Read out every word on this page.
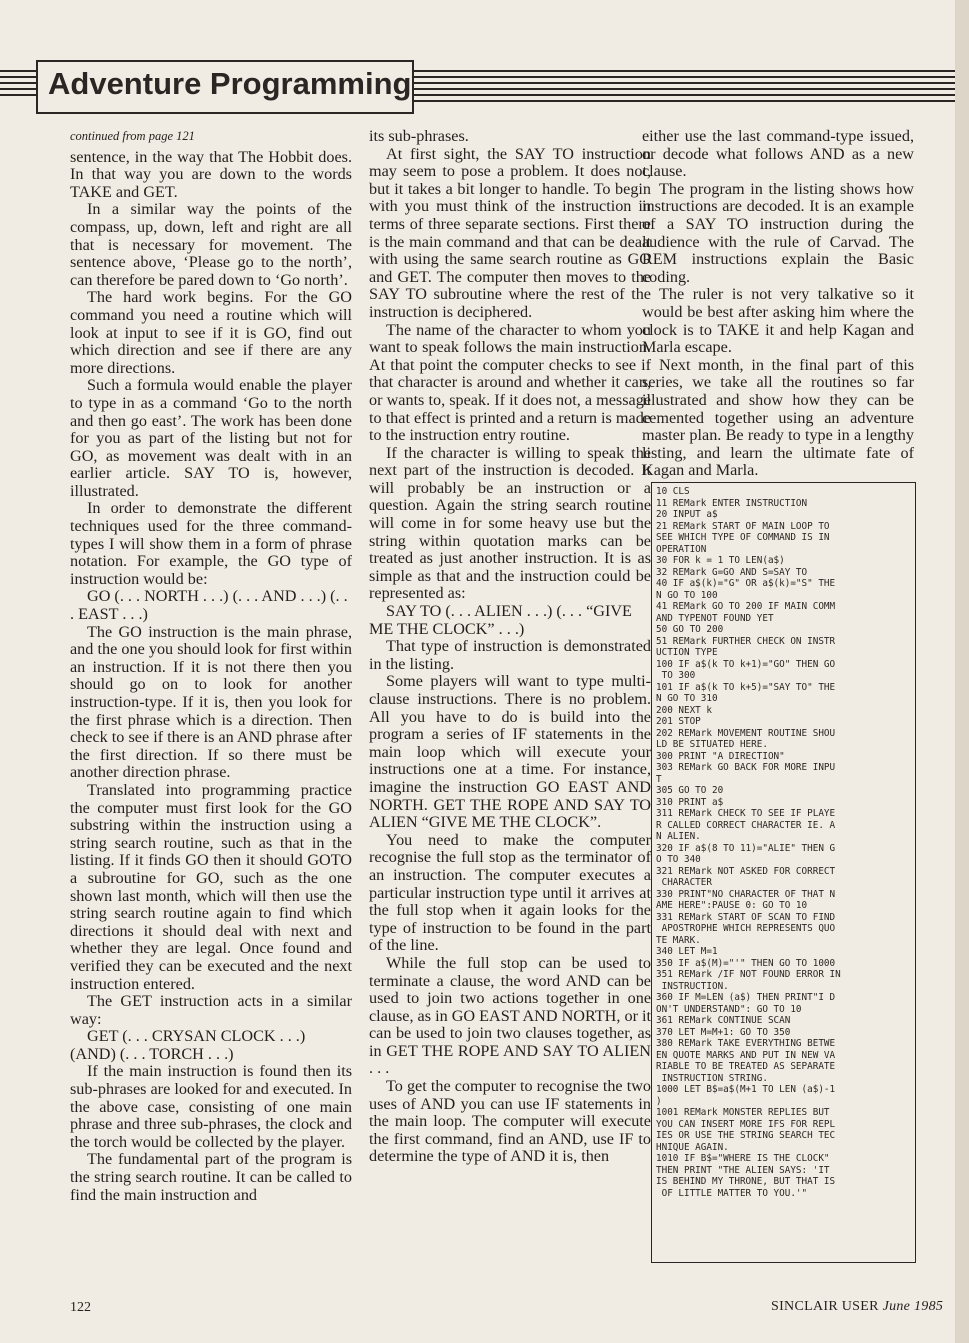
Adventure Programming

continued from page 121

sentence, in the way that The Hobbit does. In that way you are down to the words TAKE and GET.

In a similar way the points of the compass, up, down, left and right are all that is necessary for movement. The sentence above, ‘Please go to the north’, can therefore be pared down to ‘Go north’.

The hard work begins. For the GO command you need a routine which will look at input to see if it is GO, find out which direction and see if there are any more directions.

Such a formula would enable the player to type in as a command ‘Go to the north and then go east’. The work has been done for you as part of the listing but not for GO, as movement was dealt with in an earlier article. SAY TO is, however, illustrated.

In order to demonstrate the different techniques used for the three command-types I will show them in a form of phrase notation. For example, the GO type of instruction would be:

GO (. . . NORTH . . .) (. . . AND . . .) (. . . EAST . . .)

The GO instruction is the main phrase, and the one you should look for first within an instruction. If it is not there then you should go on to look for another instruction-type. If it is, then you look for the first phrase which is a direction. Then check to see if there is an AND phrase after the first direction. If so there must be another direction phrase.

Translated into programming practice the computer must first look for the GO substring within the instruction using a string search routine, such as that in the listing. If it finds GO then it should GOTO a subroutine for GO, such as the one shown last month, which will then use the string search routine again to find which directions it should deal with next and whether they are legal. Once found and verified they can be executed and the next instruction entered.

The GET instruction acts in a similar way:

GET (. . . CRYSAN CLOCK . . .) (AND) (. . . TORCH . . .)

If the main instruction is found then its sub-phrases are looked for and executed. In the above case, consisting of one main phrase and three sub-phrases, the clock and the torch would be collected by the player.

The fundamental part of the program is the string search routine. It can be called to find the main instruction and

its sub-phrases.

At first sight, the SAY TO instruction may seem to pose a problem. It does not, but it takes a bit longer to handle. To begin with you must think of the instruction in terms of three separate sections. First there is the main command and that can be dealt with using the same search routine as GO and GET. The computer then moves to the SAY TO subroutine where the rest of the instruction is deciphered.

The name of the character to whom you want to speak follows the main instruction. At that point the computer checks to see if that character is around and whether it can, or wants to, speak. If it does not, a message to that effect is printed and a return is made to the instruction entry routine.

If the character is willing to speak the next part of the instruction is decoded. It will probably be an instruction or a question. Again the string search routine will come in for some heavy use but the string within quotation marks can be treated as just another instruction. It is as simple as that and the instruction could be represented as:

SAY TO (. . . ALIEN . . .) (. . . “GIVE ME THE CLOCK” . . .)

That type of instruction is demonstrated in the listing.

Some players will want to type multi-clause instructions. There is no problem. All you have to do is build into the program a series of IF statements in the main loop which will execute your instructions one at a time. For instance, imagine the instruction GO EAST AND NORTH. GET THE ROPE AND SAY TO ALIEN “GIVE ME THE CLOCK”.

You need to make the computer recognise the full stop as the terminator of an instruction. The computer executes a particular instruction type until it arrives at the full stop when it again looks for the type of instruction to be found in the part of the line.

While the full stop can be used to terminate a clause, the word AND can be used to join two actions together in one clause, as in GO EAST AND NORTH, or it can be used to join two clauses together, as in GET THE ROPE AND SAY TO ALIEN . . .

To get the computer to recognise the two uses of AND you can use IF statements in the main loop. The computer will execute the first command, find an AND, use IF to determine the type of AND it is, then

either use the last command-type issued, or decode what follows AND as a new clause.

The program in the listing shows how instructions are decoded. It is an example of a SAY TO instruction during the audience with the rule of Carvad. The REM instructions explain the Basic coding.

The ruler is not very talkative so it would be best after asking him where the clock is to TAKE it and help Kagan and Marla escape.

Next month, in the final part of this series, we take all the routines so far illustrated and show how they can be cemented together using an adventure master plan. Be ready to type in a lengthy listing, and learn the ultimate fate of Kagan and Marla.

10 CLS
11 REMark ENTER INSTRUCTION
20 INPUT a$
21 REMark START OF MAIN LOOP TO
SEE WHICH TYPE OF COMMAND IS IN
OPERATION
30 FOR k = 1 TO LEN(a$)
32 REMark G=GO AND S=SAY TO
40 IF a$(k)="G" OR a$(k)="S" THE
N GO TO 100
41 REMark GO TO 200 IF MAIN COMM
AND TYPENOT FOUND YET
50 GO TO 200
51 REMark FURTHER CHECK ON INSTR
UCTION TYPE
100 IF a$(k TO k+1)="GO" THEN GO
TO 300
101 IF a$(k TO k+5)="SAY TO" THE
N GO TO 310
200 NEXT k
201 STOP
202 REMark MOVEMENT ROUTINE SHOU
LD BE SITUATED HERE.
300 PRINT "A DIRECTION"
303 REMark GO BACK FOR MORE INPU
T
305 GO TO 20
310 PRINT a$
311 REMark CHECK TO SEE IF PLAYE
R CALLED CORRECT CHARACTER IE. A
N ALIEN.
320 IF a$(8 TO 11)="ALIE" THEN G
O TO 340
321 REMark NOT ASKED FOR CORRECT
CHARACTER
330 PRINT"NO CHARACTER OF THAT N
AME HERE":PAUSE 0: GO TO 10
331 REMark START OF SCAN TO FIND
APOSTROPHE WHICH REPRESENTS QUO
TE MARK.
340 LET M=1
350 IF a$(M)="'" THEN GO TO 1000
351 REMark /IF NOT FOUND ERROR IN
INSTRUCTION.
360 IF M=LEN (a$) THEN PRINT"I D
ON'T UNDERSTAND": GO TO 10
361 REMark CONTINUE SCAN
370 LET M=M+1: GO TO 350
380 REMark TAKE EVERYTHING BETWE
EN QUOTE MARKS AND PUT IN NEW VA
RIABLE TO BE TREATED AS SEPARATE
INSTRUCTION STRING.
1000 LET B$=a$(M+1 TO LEN (a$)-1
)
1001 REMark MONSTER REPLIES BUT
YOU CAN INSERT MORE IFS FOR REPL
IES OR USE THE STRING SEARCH TEC
HNIQUE AGAIN.
1010 IF B$="WHERE IS THE CLOCK"
THEN PRINT "THE ALIEN SAYS: 'IT
IS BEHIND MY THRONE, BUT THAT IS
OF LITTLE MATTER TO YOU.'"
122	SINCLAIR USER June 1985
